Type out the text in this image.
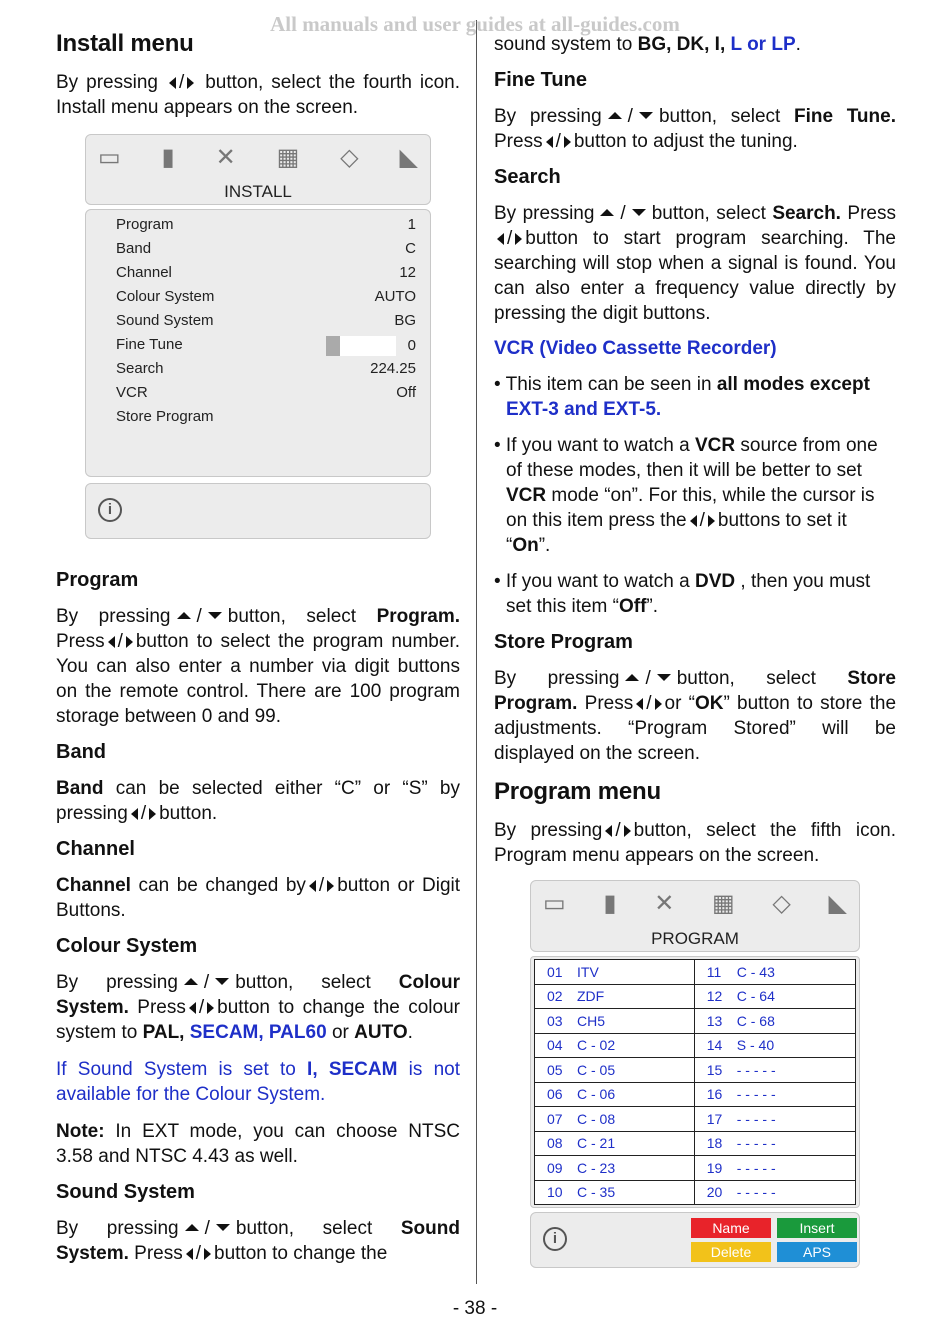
All manuals and user guides at all-guides.com
Install menu

By pressing / button, select the fourth icon. Install menu appears on the screen.

▭ ▮ ✕ ▦ ◇ ◣
INSTALL
Program	1
Band	C
Channel	12
Colour System	AUTO
Sound System	BG
Fine Tune	0
Search	224.25
VCR	Off
Store Program
i
Program

By pressing / button, select Program. Press / button to select the program number. You can also enter a number via digit buttons on the remote control. There are 100 program storage between 0 and 99.

Band

Band can be selected either “C” or “S” by pressing / button.

Channel

Channel can be changed by / button or Digit Buttons.

Colour System

By pressing / button, select Colour System. Press / button to change the colour system to PAL, SECAM, PAL60 or AUTO.

If Sound System is set to I, SECAM is not available for the Colour System.

Note: In EXT mode, you can choose NTSC 3.58 and NTSC 4.43 as well.

Sound System

By pressing / button, select Sound System. Press / button to change the

sound system to BG, DK, I, L or LP.

Fine Tune

By pressing / button, select Fine Tune. Press / button to adjust the tuning.

Search

By pressing / button, select Search. Press/ button to start program searching. The searching will stop when a signal is found. You can also enter a frequency value directly by pressing the digit buttons.

VCR (Video Cassette Recorder)
• This item can be seen in all modes except EXT-3 and EXT-5.
• If you want to watch a VCR source from one of these modes, then it will be better to set VCR mode “on”. For this, while the cursor is on this item press the / buttons to set it “On”.
• If you want to watch a DVD , then you must set this item “Off”.
Store Program

By pressing / button, select Store Program. Press / or “OK” button to store the adjustments. “Program Stored” will be displayed on the screen.

Program menu

By pressing / button, select the fifth icon. Program menu appears on the screen.

▭ ▮ ✕ ▦ ◇ ◣
PROGRAM
01 ITV	11 C - 43
02 ZDF	12 C - 64
03 CH5	13 C - 68
04 C - 02	14 S - 40
05 C - 05	15 - - - - -
06 C - 06	16 - - - - -
07 C - 08	17 - - - - -
08 C - 21	18 - - - - -
09 C - 23	19 - - - - -
10 C - 35	20 - - - - -
i
Name	Insert
Delete	APS
- 38 -
